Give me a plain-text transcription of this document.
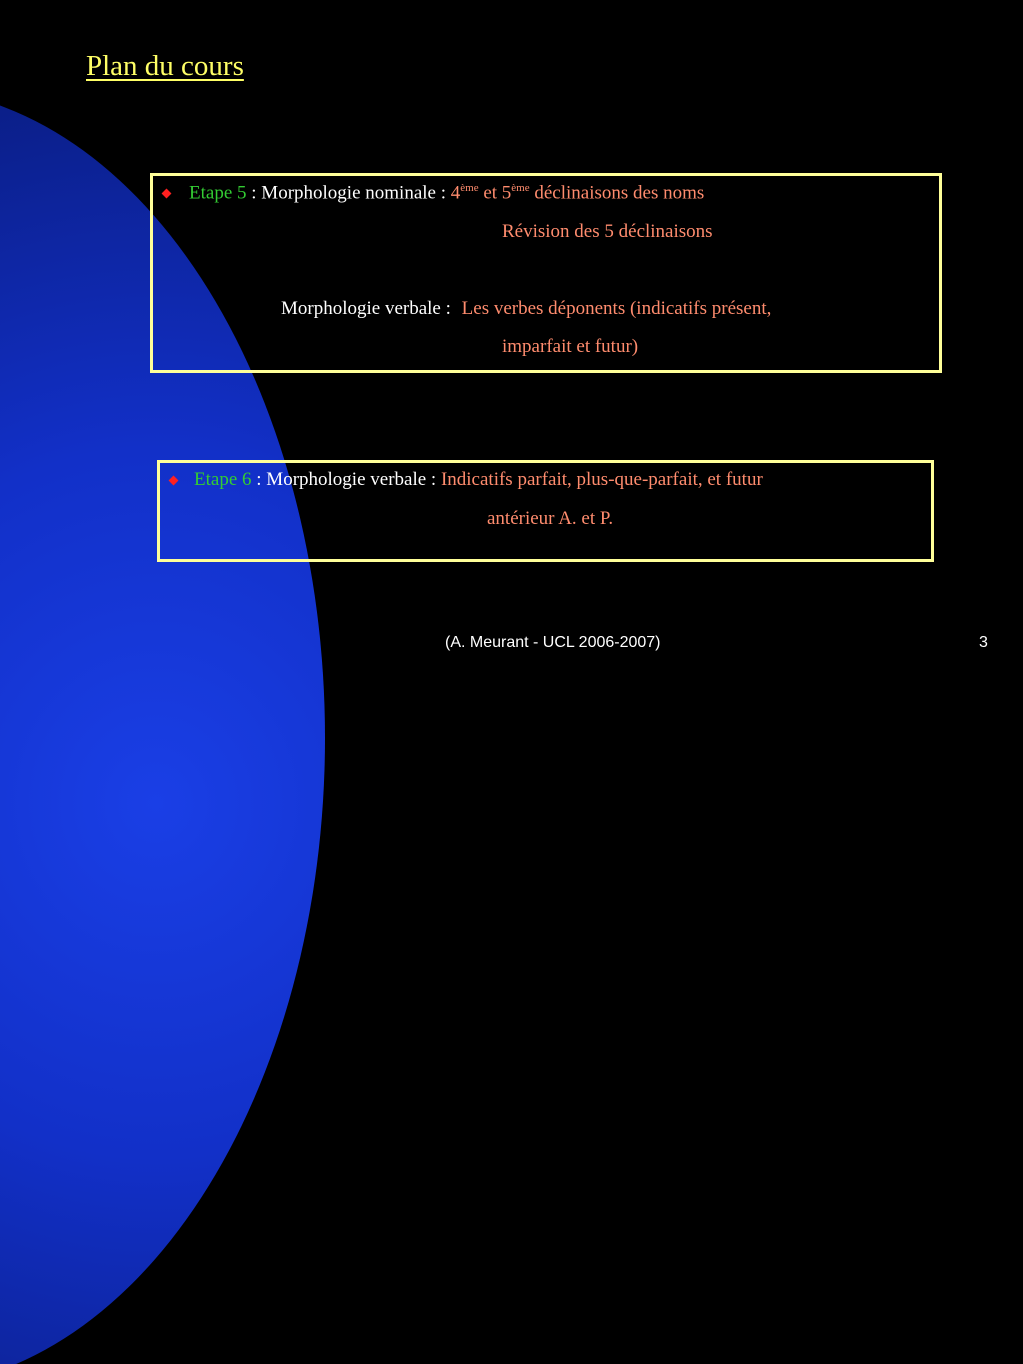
Plan du cours
Etape 5 : Morphologie nominale : 4ème et 5ème déclinaisons des noms
Révision des 5 déclinaisons
Morphologie verbale : Les verbes déponents (indicatifs présent,
imparfait et futur)
Etape 6 : Morphologie verbale : Indicatifs parfait, plus-que-parfait, et futur
antérieur A. et P.
(A. Meurant - UCL 2006-2007)	3
